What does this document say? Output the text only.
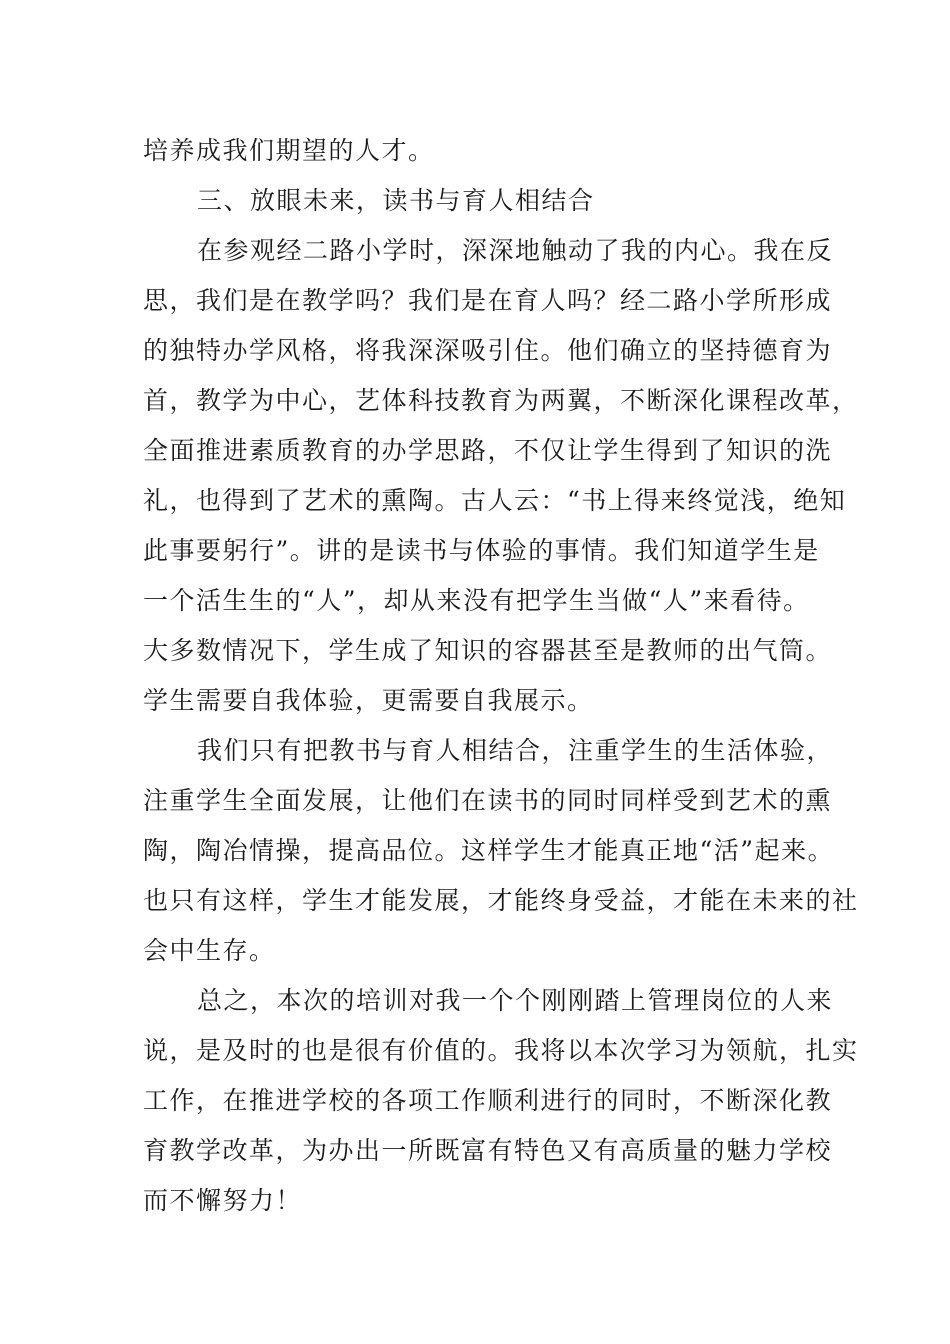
培养成我们期望的人才。
三、放眼未来，读书与育人相结合
在参观经二路小学时，深深地触动了我的内心。我在反
思，我们是在教学吗？我们是在育人吗？经二路小学所形成
的独特办学风格，将我深深吸引住。他们确立的坚持德育为
首，教学为中心，艺体科技教育为两翼，不断深化课程改革，
全面推进素质教育的办学思路，不仅让学生得到了知识的洗
礼，也得到了艺术的熏陶。古人云：“书上得来终觉浅，绝知
此事要躬行”。讲的是读书与体验的事情。我们知道学生是
一个活生生的“人”，却从来没有把学生当做“人”来看待。
大多数情况下，学生成了知识的容器甚至是教师的出气筒。
学生需要自我体验，更需要自我展示。
我们只有把教书与育人相结合，注重学生的生活体验，
注重学生全面发展，让他们在读书的同时同样受到艺术的熏
陶，陶冶情操，提高品位。这样学生才能真正地“活”起来。
也只有这样，学生才能发展，才能终身受益，才能在未来的社
会中生存。
总之，本次的培训对我一个个刚刚踏上管理岗位的人来
说，是及时的也是很有价值的。我将以本次学习为领航，扎实
工作，在推进学校的各项工作顺利进行的同时，不断深化教
育教学改革，为办出一所既富有特色又有高质量的魅力学校
而不懈努力！
